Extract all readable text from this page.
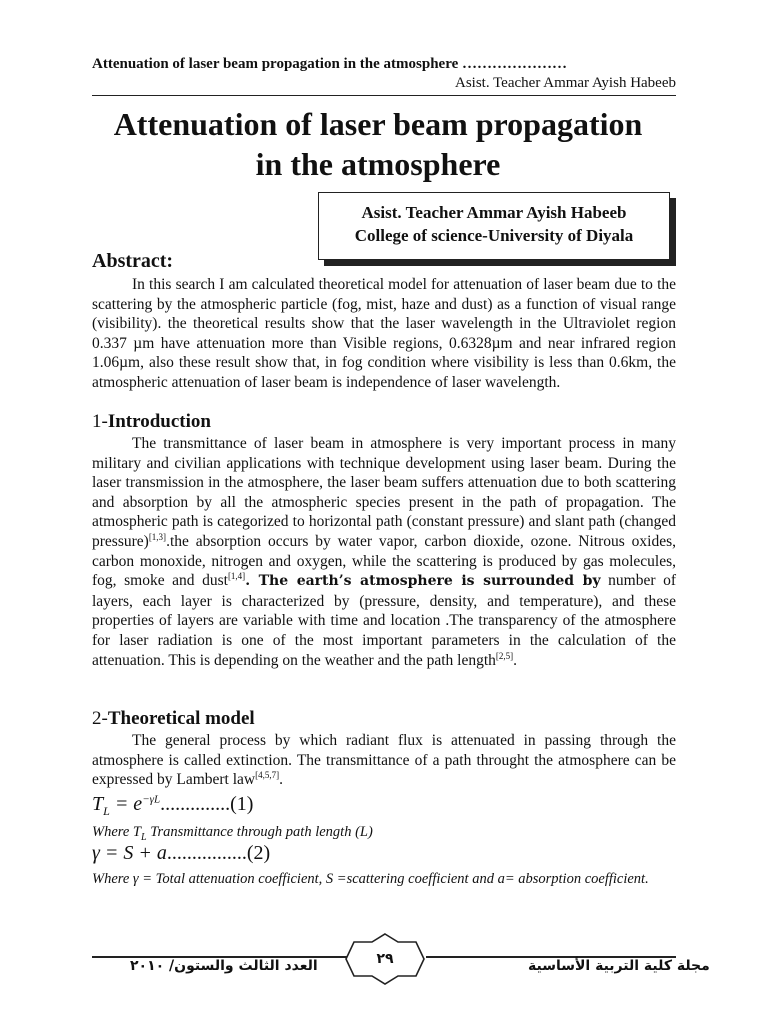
Attenuation of laser beam propagation in the atmosphere …………………
Asist. Teacher Ammar Ayish Habeeb
Attenuation of laser beam propagation
in the atmosphere
Asist. Teacher Ammar Ayish Habeeb
College of science-University of Diyala
Abstract:
In this search I am calculated theoretical model for attenuation of laser beam due to the scattering by the atmospheric particle (fog, mist, haze and dust) as a function of visual range (visibility). the theoretical results show that the laser wavelength in the Ultraviolet region 0.337 µm have attenuation more than Visible regions, 0.6328µm and near infrared region 1.06µm, also these result show that, in fog condition where visibility is less than 0.6km, the atmospheric attenuation of laser beam is independence of laser wavelength.
1-Introduction
The transmittance of laser beam in atmosphere is very important process in many military and civilian applications with technique development using laser beam. During the laser transmission in the atmosphere, the laser beam suffers attenuation due to both scattering and absorption by all the atmospheric species present in the path of propagation. The atmospheric path is categorized to horizontal path (constant pressure) and slant path (changed pressure)[1,3].the absorption occurs by water vapor, carbon dioxide, ozone. Nitrous oxides, carbon monoxide, nitrogen and oxygen, while the scattering is produced by gas molecules, fog, smoke and dust[1,4]. The earth’s atmosphere is surrounded by number of layers, each layer is characterized by (pressure, density, and temperature), and these properties of layers are variable with time and location .The transparency of the atmosphere for laser radiation is one of the most important parameters in the calculation of the attenuation. This is depending on the weather and the path length[2,5].
2-Theoretical model
The general process by which radiant flux is attenuated in passing through the atmosphere is called extinction. The transmittance of a path throught the atmosphere can be expressed by Lambert law[4,5,7].
$T_L = e^{-\gamma L}..............(1)$
Where $T_L$ Transmittance through path length (L)
γ = S + a................(2)
Where γ = Total attenuation coefficient, S =scattering coefficient and a= absorption coefficient.
العدد الثالث والستون/ ٢٠١٠	مجلة كلية التربية الأساسية
٢٩
